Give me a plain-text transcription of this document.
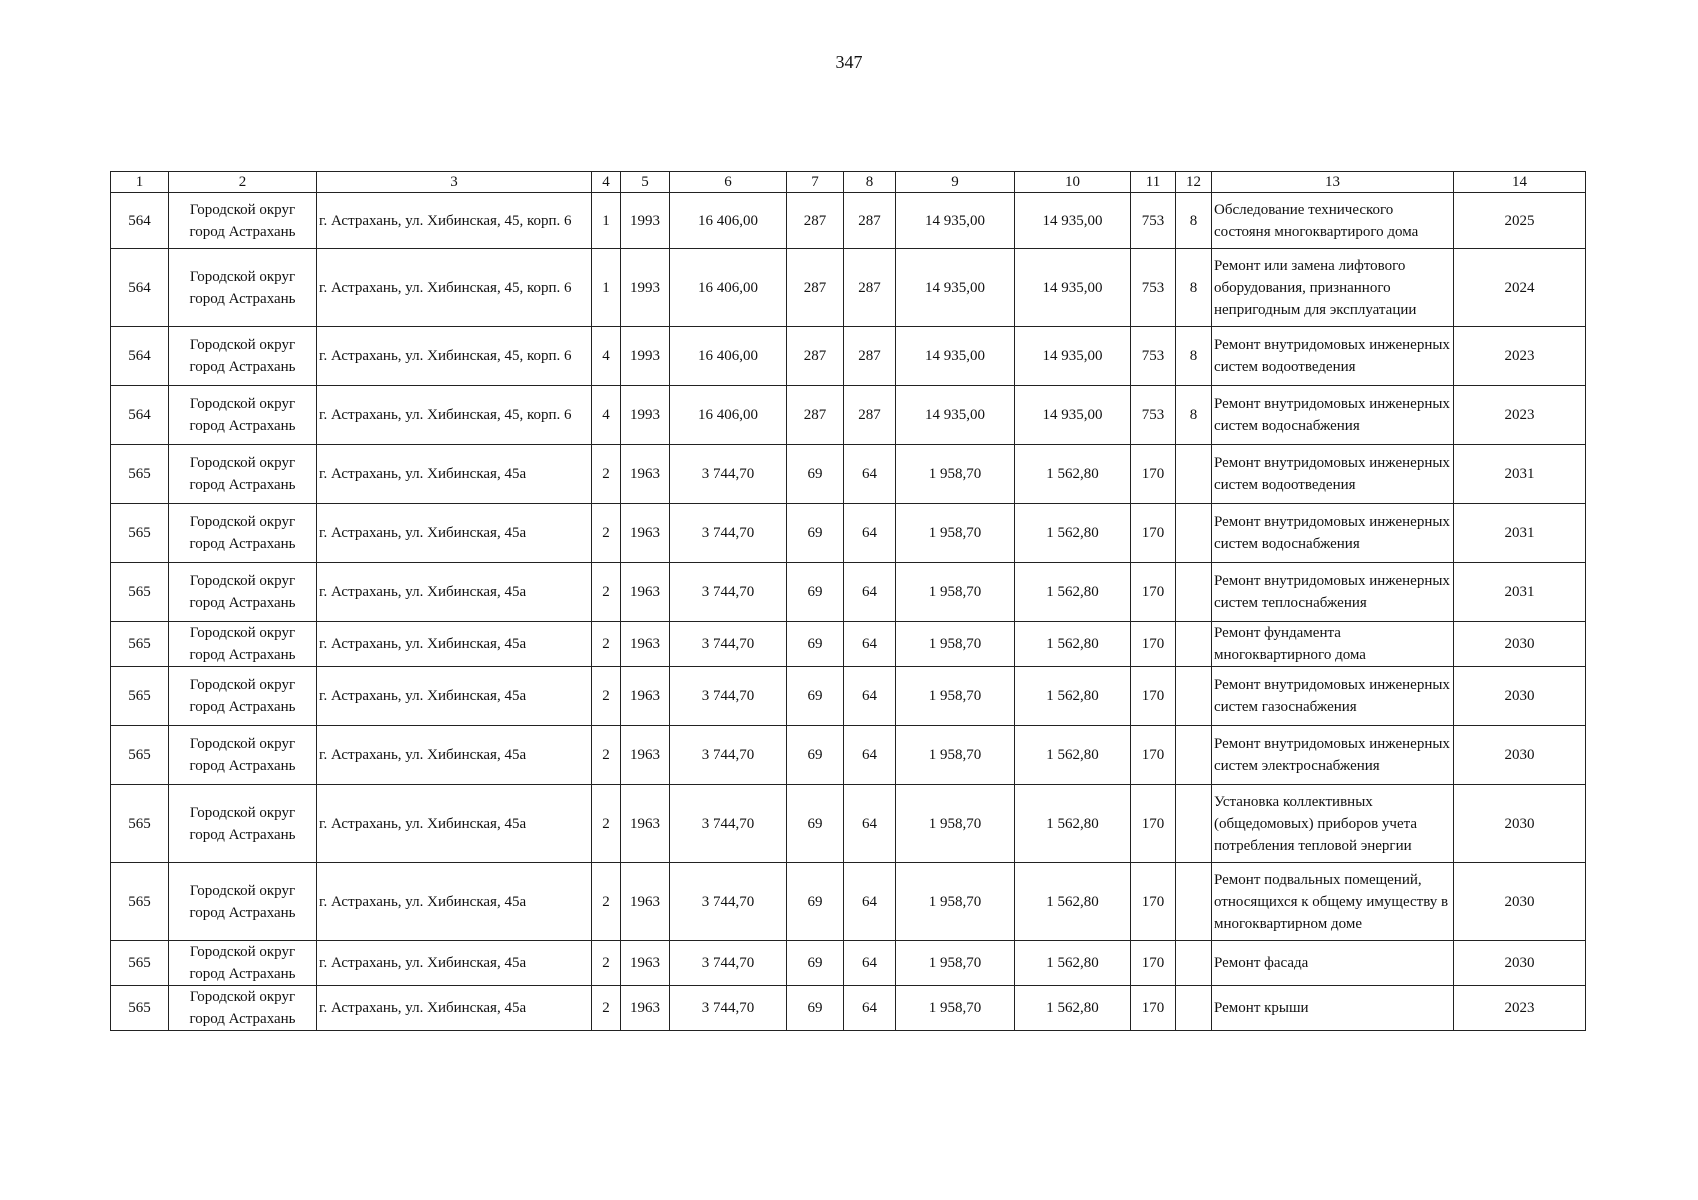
347
1	2	3	4	5	6	7	8	9	10	11	12	13	14
564	Городской округ город Астрахань	г. Астрахань, ул. Хибинская, 45, корп. 6	1	1993	16 406,00	287	287	14 935,00	14 935,00	753	8	Обследование технического состояня многоквартирого дома	2025
564	Городской округ город Астрахань	г. Астрахань, ул. Хибинская, 45, корп. 6	1	1993	16 406,00	287	287	14 935,00	14 935,00	753	8	Ремонт или замена лифтового оборудования, признанного непригодным для эксплуатации	2024
564	Городской округ город Астрахань	г. Астрахань, ул. Хибинская, 45, корп. 6	4	1993	16 406,00	287	287	14 935,00	14 935,00	753	8	Ремонт внутридомовых инженерных систем водоотведения	2023
564	Городской округ город Астрахань	г. Астрахань, ул. Хибинская, 45, корп. 6	4	1993	16 406,00	287	287	14 935,00	14 935,00	753	8	Ремонт внутридомовых инженерных систем водоснабжения	2023
565	Городской округ город Астрахань	г. Астрахань, ул. Хибинская, 45а	2	1963	3 744,70	69	64	1 958,70	1 562,80	170		Ремонт внутридомовых инженерных систем водоотведения	2031
565	Городской округ город Астрахань	г. Астрахань, ул. Хибинская, 45а	2	1963	3 744,70	69	64	1 958,70	1 562,80	170		Ремонт внутридомовых инженерных систем водоснабжения	2031
565	Городской округ город Астрахань	г. Астрахань, ул. Хибинская, 45а	2	1963	3 744,70	69	64	1 958,70	1 562,80	170		Ремонт внутридомовых инженерных систем теплоснабжения	2031
565	Городской округ город Астрахань	г. Астрахань, ул. Хибинская, 45а	2	1963	3 744,70	69	64	1 958,70	1 562,80	170		Ремонт фундамента многоквартирного дома	2030
565	Городской округ город Астрахань	г. Астрахань, ул. Хибинская, 45а	2	1963	3 744,70	69	64	1 958,70	1 562,80	170		Ремонт внутридомовых инженерных систем газоснабжения	2030
565	Городской округ город Астрахань	г. Астрахань, ул. Хибинская, 45а	2	1963	3 744,70	69	64	1 958,70	1 562,80	170		Ремонт внутридомовых инженерных систем электроснабжения	2030
565	Городской округ город Астрахань	г. Астрахань, ул. Хибинская, 45а	2	1963	3 744,70	69	64	1 958,70	1 562,80	170		Установка коллективных (общедомовых) приборов учета потребления тепловой энергии	2030
565	Городской округ город Астрахань	г. Астрахань, ул. Хибинская, 45а	2	1963	3 744,70	69	64	1 958,70	1 562,80	170		Ремонт подвальных помещений, относящихся к общему имуществу в многоквартирном доме	2030
565	Городской округ город Астрахань	г. Астрахань, ул. Хибинская, 45а	2	1963	3 744,70	69	64	1 958,70	1 562,80	170		Ремонт фасада	2030
565	Городской округ город Астрахань	г. Астрахань, ул. Хибинская, 45а	2	1963	3 744,70	69	64	1 958,70	1 562,80	170		Ремонт крыши	2023
